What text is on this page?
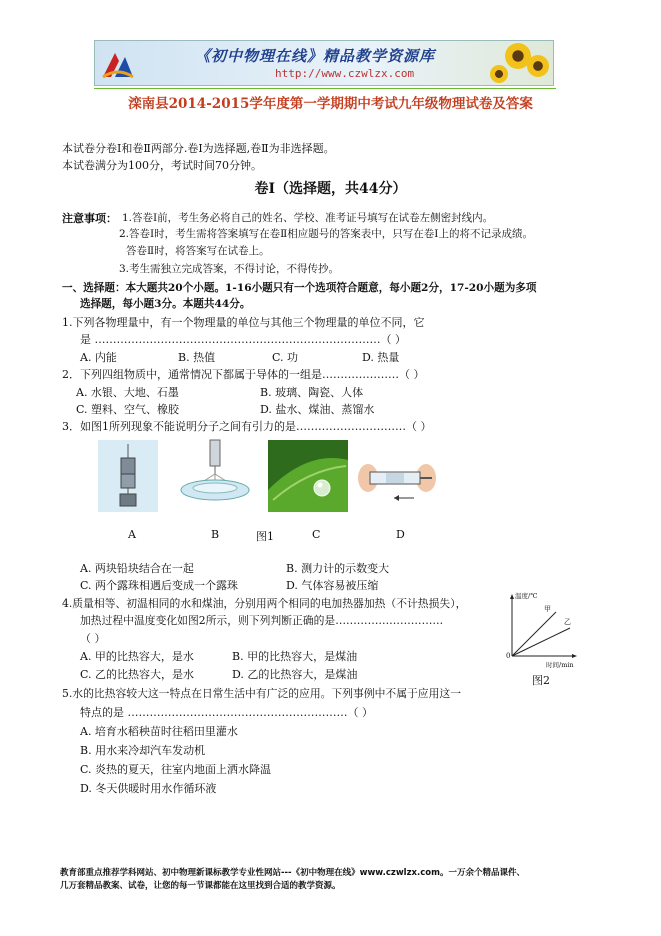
《初中物理在线》精品教学资源库
http://www.czwlzx.com
滦南县2014-2015学年度第一学期期中考试九年级物理试卷及答案
本试卷分卷Ⅰ和卷Ⅱ两部分.卷Ⅰ为选择题,卷Ⅱ为非选择题。
本试卷满分为100分，考试时间70分钟。
卷Ⅰ（选择题，共44分）
注意事项： 1.答卷Ⅰ前，考生务必将自己的姓名、学校、准考证号填写在试卷左侧密封线内。
2.答卷Ⅰ时，考生需将答案填写在卷Ⅱ相应题号的答案表中，只写在卷Ⅰ上的将不记录成绩。
答卷Ⅱ时，将答案写在试卷上。
3.考生需独立完成答案，不得讨论，不得传抄。
一、选择题：本大题共20个小题。1-16小题只有一个选项符合题意，每小题2分，17-20小题为多项
选择题，每小题3分。本题共44分。
1.下列各物理量中，有一个物理量的单位与其他三个物理量的单位不同，它
是 ……………………………………………………………………（ ）
A. 内能	B. 热值	C. 功	D. 热量
2．下列四组物质中，通常情况下都属于导体的一组是…………………（ ）
A. 水银、大地、石墨	B. 玻璃、陶瓷、人体
C. 塑料、空气、橡胶	D. 盐水、煤油、蒸馏水
3．如图1所列现象不能说明分子之间有引力的是…………………………（ ）
A	B	图1	C	D
A. 两块铅块结合在一起	B. 测力计的示数变大
C. 两个露珠相遇后变成一个露珠	D. 气体容易被压缩
4.质量相等、初温相同的水和煤油，分别用两个相同的电加热器加热（不计热损失），
加热过程中温度变化如图2所示，则下列判断正确的是…………………………
（ ）
A. 甲的比热容大，是水	B. 甲的比热容大，是煤油
C. 乙的比热容大，是水	D. 乙的比热容大，是煤油
温度/℃
时间/min
0
甲
乙
图2
5.水的比热容较大这一特点在日常生活中有广泛的应用。下列事例中不属于应用这一
特点的是 ……………………………………………………（ ）
A. 培育水稻秧苗时往稻田里灌水
B. 用水来冷却汽车发动机
C. 炎热的夏天，往室内地面上洒水降温
D. 冬天供暖时用水作循环液
教育部重点推荐学科网站、初中物理新课标教学专业性网站---《初中物理在线》www.czwlzx.com。一万余个精品课件、
几万套精品教案、试卷，让您的每一节课都能在这里找到合适的教学资源。
